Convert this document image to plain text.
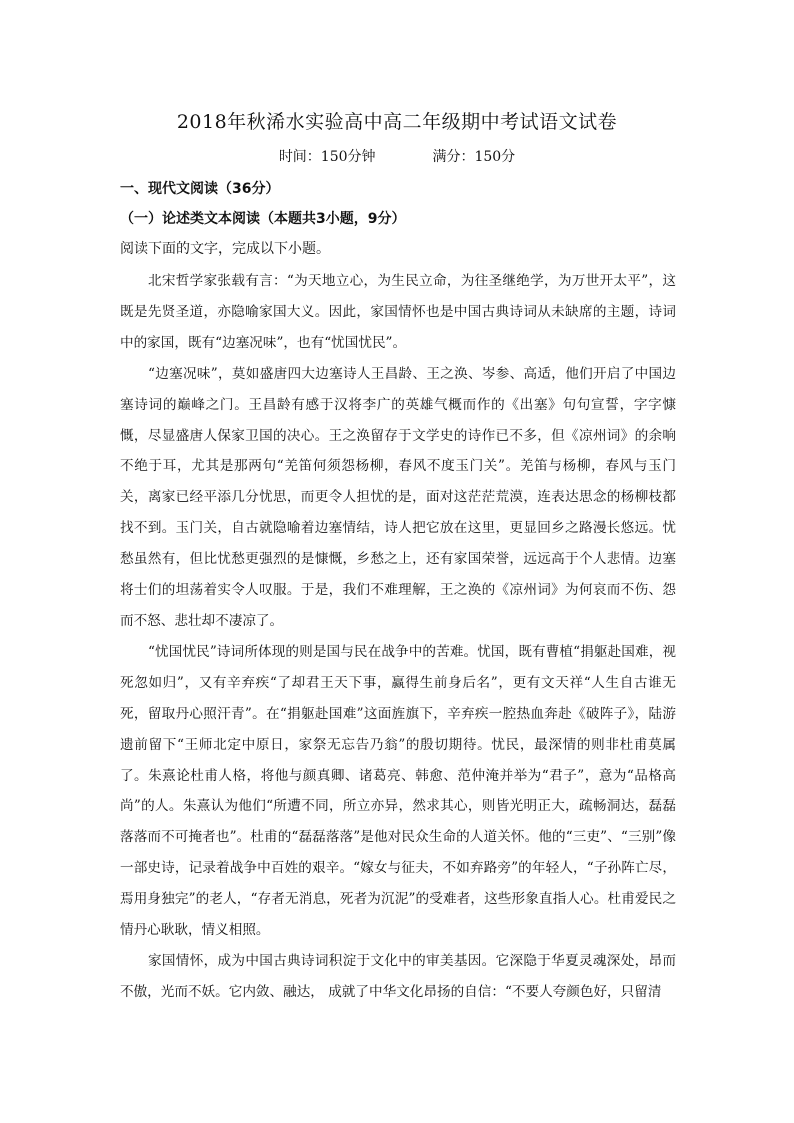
2018年秋浠水实验高中高二年级期中考试语文试卷
时间：150分钟	满分：150分
一、现代文阅读（36分）
（一）论述类文本阅读（本题共3小题，9分）
阅读下面的文字，完成以下小题。

北宋哲学家张载有言：“为天地立心，为生民立命，为往圣继绝学，为万世开太平”，这既是先贤圣道，亦隐喻家国大义。因此，家国情怀也是中国古典诗词从未缺席的主题，诗词中的家国，既有“边塞况味”，也有“忧国忧民”。

“边塞况味”，莫如盛唐四大边塞诗人王昌龄、王之涣、岑参、高适，他们开启了中国边塞诗词的巅峰之门。王昌龄有感于汉将李广的英雄气概而作的《出塞》句句宣誓，字字慷慨，尽显盛唐人保家卫国的决心。王之涣留存于文学史的诗作已不多，但《凉州词》的余响不绝于耳，尤其是那两句“羌笛何须怨杨柳，春风不度玉门关”。羌笛与杨柳，春风与玉门关，离家已经平添几分忧思，而更令人担忧的是，面对这茫茫荒漠，连表达思念的杨柳枝都找不到。玉门关，自古就隐喻着边塞情结，诗人把它放在这里，更显回乡之路漫长悠远。忧愁虽然有，但比忧愁更强烈的是慷慨，乡愁之上，还有家国荣誉，远远高于个人悲情。边塞将士们的坦荡着实令人叹服。于是，我们不难理解，王之涣的《凉州词》为何哀而不伤、怨而不怒、悲壮却不凄凉了。

“忧国忧民”诗词所体现的则是国与民在战争中的苦难。忧国，既有曹植“捐躯赴国难，视死忽如归”，又有辛弃疾“了却君王天下事，赢得生前身后名”，更有文天祥“人生自古谁无死，留取丹心照汗青”。在“捐躯赴国难”这面旌旗下，辛弃疾一腔热血奔赴《破阵子》，陆游遗前留下“王师北定中原日，家祭无忘告乃翁”的殷切期待。忧民，最深情的则非杜甫莫属了。朱熹论杜甫人格，将他与颜真卿、诸葛亮、韩愈、范仲淹并举为“君子”，意为“品格高尚”的人。朱熹认为他们“所遭不同，所立亦异，然求其心，则皆光明正大，疏畅洞达，磊磊落落而不可掩者也”。杜甫的“磊磊落落”是他对民众生命的人道关怀。他的“三吏”、“三别”像一部史诗，记录着战争中百姓的艰辛。“嫁女与征夫，不如弃路旁”的年轻人，“子孙阵亡尽，焉用身独完”的老人，“存者无消息，死者为沉泥”的受难者，这些形象直指人心。杜甫爱民之情丹心耿耿，情义相照。

家国情怀，成为中国古典诗词积淀于文化中的审美基因。它深隐于华夏灵魂深处，昂而不傲，光而不妖。它内敛、融达， 成就了中华文化昂扬的自信：“不要人夸颜色好，只留清
